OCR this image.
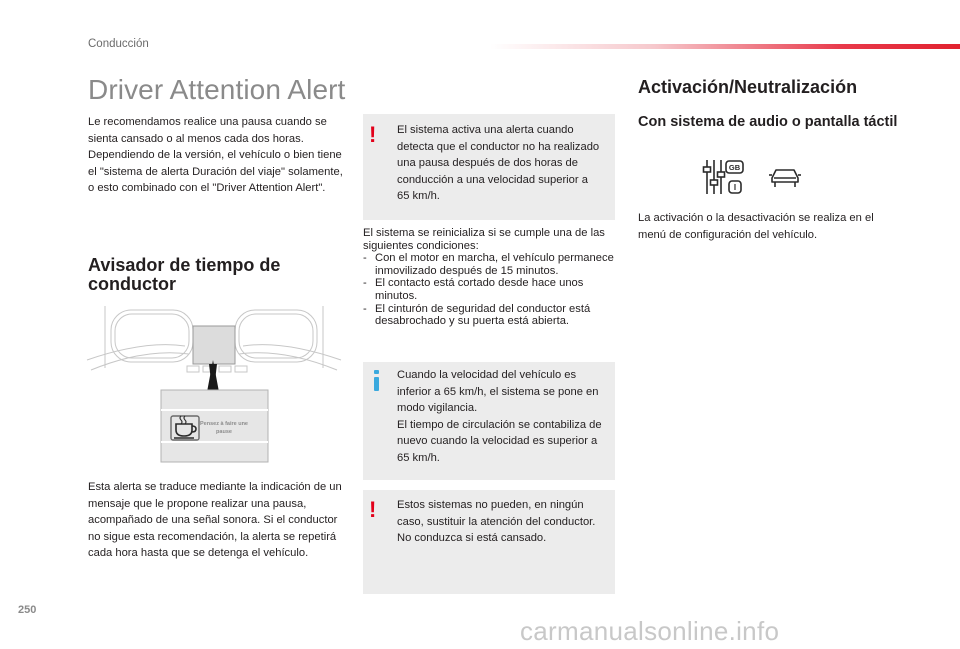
Conducción
Driver Attention Alert
Le recomendamos realice una pausa cuando se sienta cansado o al menos cada dos horas. Dependiendo de la versión, el vehículo o bien tiene el "sistema de alerta Duración del viaje" solamente, o esto combinado con el "Driver Attention Alert".
Avisador de tiempo de conductor
Pensez à faire une pause
Esta alerta se traduce mediante la indicación de un mensaje que le propone realizar una pausa, acompañado de una señal sonora. Si el conductor no sigue esta recomendación, la alerta se repetirá cada hora hasta que se detenga el vehículo.
! El sistema activa una alerta cuando detecta que el conductor no ha realizado una pausa después de dos horas de conducción a una velocidad superior a 65 km/h.
El sistema se reinicializa si se cumple una de las siguientes condiciones:
- Con el motor en marcha, el vehículo permanece inmovilizado después de 15 minutos.
- El contacto está cortado desde hace unos minutos.
- El cinturón de seguridad del conductor está desabrochado y su puerta está abierta.
Cuando la velocidad del vehículo es inferior a 65 km/h, el sistema se pone en modo vigilancia.
El tiempo de circulación se contabiliza de nuevo cuando la velocidad es superior a 65 km/h.
! Estos sistemas no pueden, en ningún caso, sustituir la atención del conductor. No conduzca si está cansado.
Activación/Neutralización
Con sistema de audio o pantalla táctil
GB
I
La activación o la desactivación se realiza en el menú de configuración del vehículo.
250
carmanualsonline.info
